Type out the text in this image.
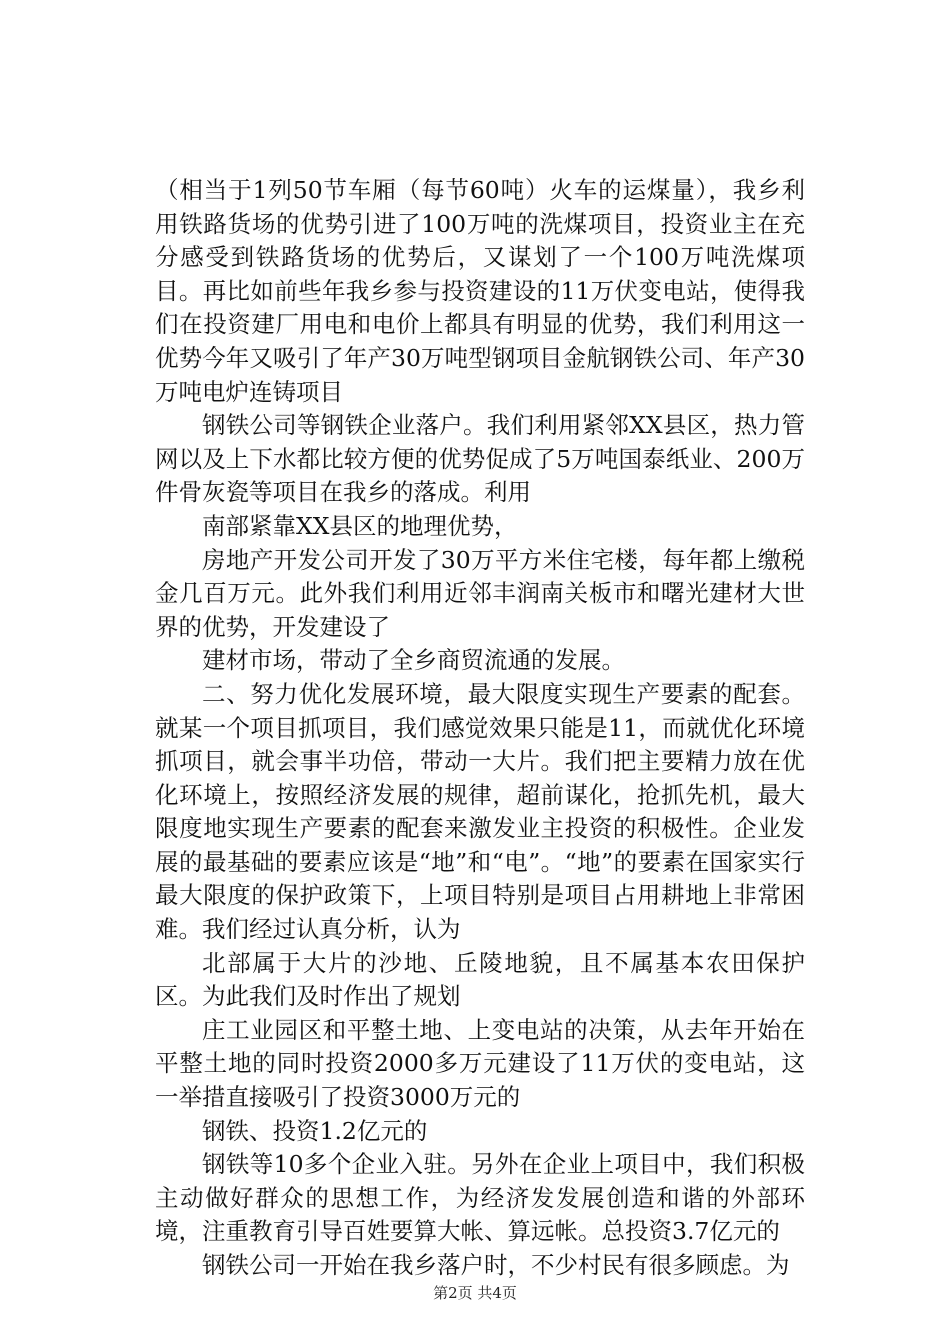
（相当于1列50节车厢（每节60吨）火车的运煤量），我乡利用铁路货场的优势引进了100万吨的洗煤项目，投资业主在充分感受到铁路货场的优势后，又谋划了一个100万吨洗煤项目。再比如前些年我乡参与投资建设的11万伏变电站，使得我们在投资建厂用电和电价上都具有明显的优势，我们利用这一优势今年又吸引了年产30万吨型钢项目金航钢铁公司、年产30万吨电炉连铸项目

钢铁公司等钢铁企业落户。我们利用紧邻XX县区，热力管网以及上下水都比较方便的优势促成了5万吨国泰纸业、200万件骨灰瓷等项目在我乡的落成。利用

南部紧靠XX县区的地理优势，

房地产开发公司开发了30万平方米住宅楼，每年都上缴税金几百万元。此外我们利用近邻丰润南关板市和曙光建材大世界的优势，开发建设了

建材市场，带动了全乡商贸流通的发展。

二、努力优化发展环境，最大限度实现生产要素的配套。就某一个项目抓项目，我们感觉效果只能是11，而就优化环境抓项目，就会事半功倍，带动一大片。我们把主要精力放在优化环境上，按照经济发展的规律，超前谋化，抢抓先机，最大限度地实现生产要素的配套来激发业主投资的积极性。企业发展的最基础的要素应该是“地”和“电”。“地”的要素在国家实行最大限度的保护政策下，上项目特别是项目占用耕地上非常困难。我们经过认真分析，认为

北部属于大片的沙地、丘陵地貌，且不属基本农田保护区。为此我们及时作出了规划

庄工业园区和平整土地、上变电站的决策，从去年开始在平整土地的同时投资2000多万元建设了11万伏的变电站，这一举措直接吸引了投资3000万元的

钢铁、投资1.2亿元的

钢铁等10多个企业入驻。另外在企业上项目中，我们积极主动做好群众的思想工作，为经济发发展创造和谐的外部环境，注重教育引导百姓要算大帐、算远帐。总投资3.7亿元的

钢铁公司一开始在我乡落户时，不少村民有很多顾虑。为

第2页 共4页
